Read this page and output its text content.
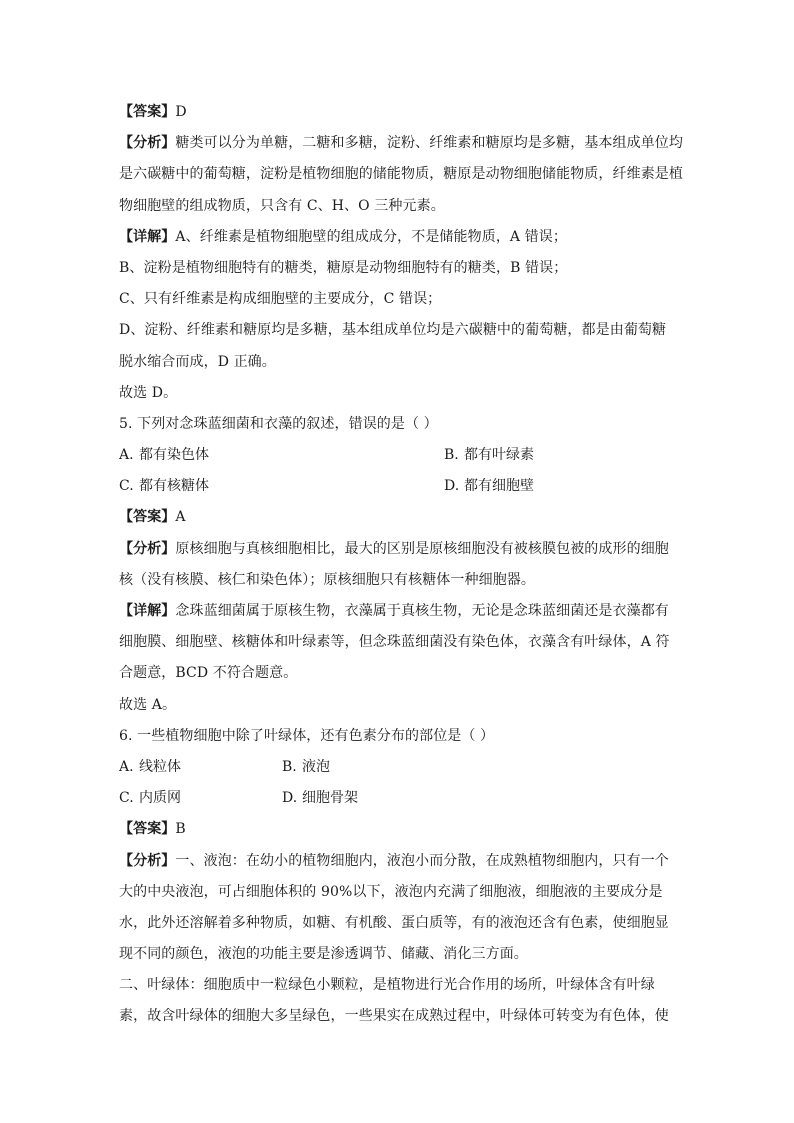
【答案】D
【分析】糖类可以分为单糖，二糖和多糖，淀粉、纤维素和糖原均是多糖，基本组成单位均
是六碳糖中的葡萄糖，淀粉是植物细胞的储能物质，糖原是动物细胞储能物质，纤维素是植
物细胞壁的组成物质，只含有 C、H、O 三种元素。
【详解】A、纤维素是植物细胞壁的组成成分，不是储能物质，A 错误；
B、淀粉是植物细胞特有的糖类，糖原是动物细胞特有的糖类，B 错误；
C、只有纤维素是构成细胞壁的主要成分，C 错误；
D、淀粉、纤维素和糖原均是多糖，基本组成单位均是六碳糖中的葡萄糖，都是由葡萄糖
脱水缩合而成，D 正确。
故选 D。
5. 下列对念珠蓝细菌和衣藻的叙述，错误的是（ ）
A. 都有染色体	B. 都有叶绿素
C. 都有核糖体	D. 都有细胞壁
【答案】A
【分析】原核细胞与真核细胞相比，最大的区别是原核细胞没有被核膜包被的成形的细胞
核（没有核膜、核仁和染色体）；原核细胞只有核糖体一种细胞器。
【详解】念珠蓝细菌属于原核生物，衣藻属于真核生物，无论是念珠蓝细菌还是衣藻都有
细胞膜、细胞壁、核糖体和叶绿素等，但念珠蓝细菌没有染色体，衣藻含有叶绿体，A 符
合题意，BCD 不符合题意。
故选 A。
6. 一些植物细胞中除了叶绿体，还有色素分布的部位是（ ）
A. 线粒体	B. 液泡
C. 内质网	D. 细胞骨架
【答案】B
【分析】一、液泡：在幼小的植物细胞内，液泡小而分散，在成熟植物细胞内，只有一个
大的中央液泡，可占细胞体积的 90%以下，液泡内充满了细胞液，细胞液的主要成分是
水，此外还溶解着多种物质，如糖、有机酸、蛋白质等，有的液泡还含有色素，使细胞显
现不同的颜色，液泡的功能主要是渗透调节、储藏、消化三方面。
二、叶绿体：细胞质中一粒绿色小颗粒，是植物进行光合作用的场所，叶绿体含有叶绿
素，故含叶绿体的细胞大多呈绿色，一些果实在成熟过程中，叶绿体可转变为有色体，使
